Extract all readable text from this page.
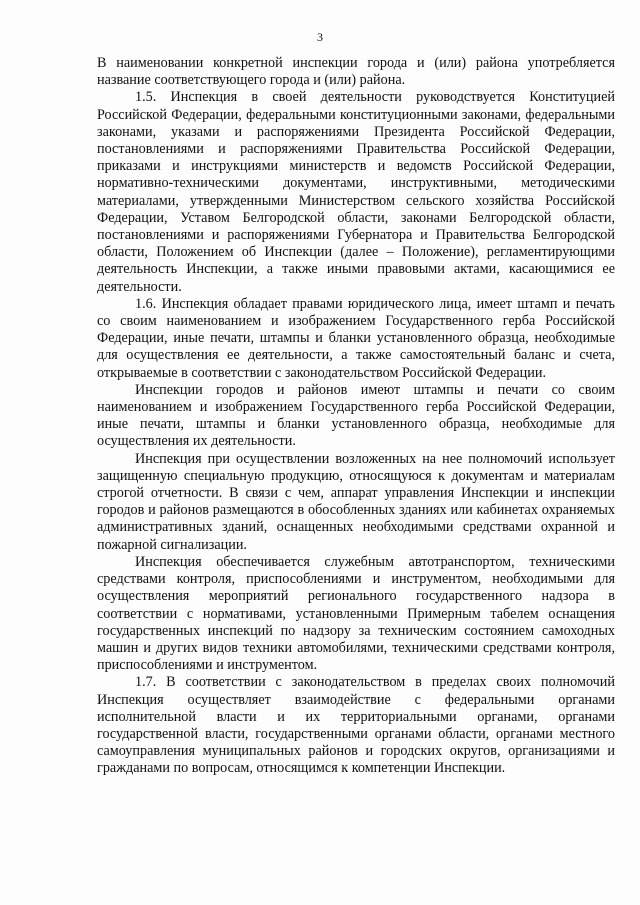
3

В наименовании конкретной инспекции города и (или) района употребляется название соответствующего города и (или) района.

1.5. Инспекция в своей деятельности руководствуется Конституцией Российской Федерации, федеральными конституционными законами, федеральными законами, указами и распоряжениями Президента Российской Федерации, постановлениями и распоряжениями Правительства Российской Федерации, приказами и инструкциями министерств и ведомств Российской Федерации, нормативно-техническими документами, инструктивными, методическими материалами, утвержденными Министерством сельского хозяйства Российской Федерации, Уставом Белгородской области, законами Белгородской области, постановлениями и распоряжениями Губернатора и Правительства Белгородской области, Положением об Инспекции (далее – Положение), регламентирующими деятельность Инспекции, а также иными правовыми актами, касающимися ее деятельности.

1.6. Инспекция обладает правами юридического лица, имеет штамп и печать со своим наименованием и изображением Государственного герба Российской Федерации, иные печати, штампы и бланки установленного образца, необходимые для осуществления ее деятельности, а также самостоятельный баланс и счета, открываемые в соответствии с законодательством Российской Федерации.

Инспекции городов и районов имеют штампы и печати со своим наименованием и изображением Государственного герба Российской Федерации, иные печати, штампы и бланки установленного образца, необходимые для осуществления их деятельности.

Инспекция при осуществлении возложенных на нее полномочий использует защищенную специальную продукцию, относящуюся к документам и материалам строгой отчетности. В связи с чем, аппарат управления Инспекции и инспекции городов и районов размещаются в обособленных зданиях или кабинетах охраняемых административных зданий, оснащенных необходимыми средствами охранной и пожарной сигнализации.

Инспекция обеспечивается служебным автотранспортом, техническими средствами контроля, приспособлениями и инструментом, необходимыми для осуществления мероприятий регионального государственного надзора в соответствии с нормативами, установленными Примерным табелем оснащения государственных инспекций по надзору за техническим состоянием самоходных машин и других видов техники автомобилями, техническими средствами контроля, приспособлениями и инструментом.

1.7. В соответствии с законодательством в пределах своих полномочий Инспекция осуществляет взаимодействие с федеральными органами исполнительной власти и их территориальными органами, органами государственной власти, государственными органами области, органами местного самоуправления муниципальных районов и городских округов, организациями и гражданами по вопросам, относящимся к компетенции Инспекции.
